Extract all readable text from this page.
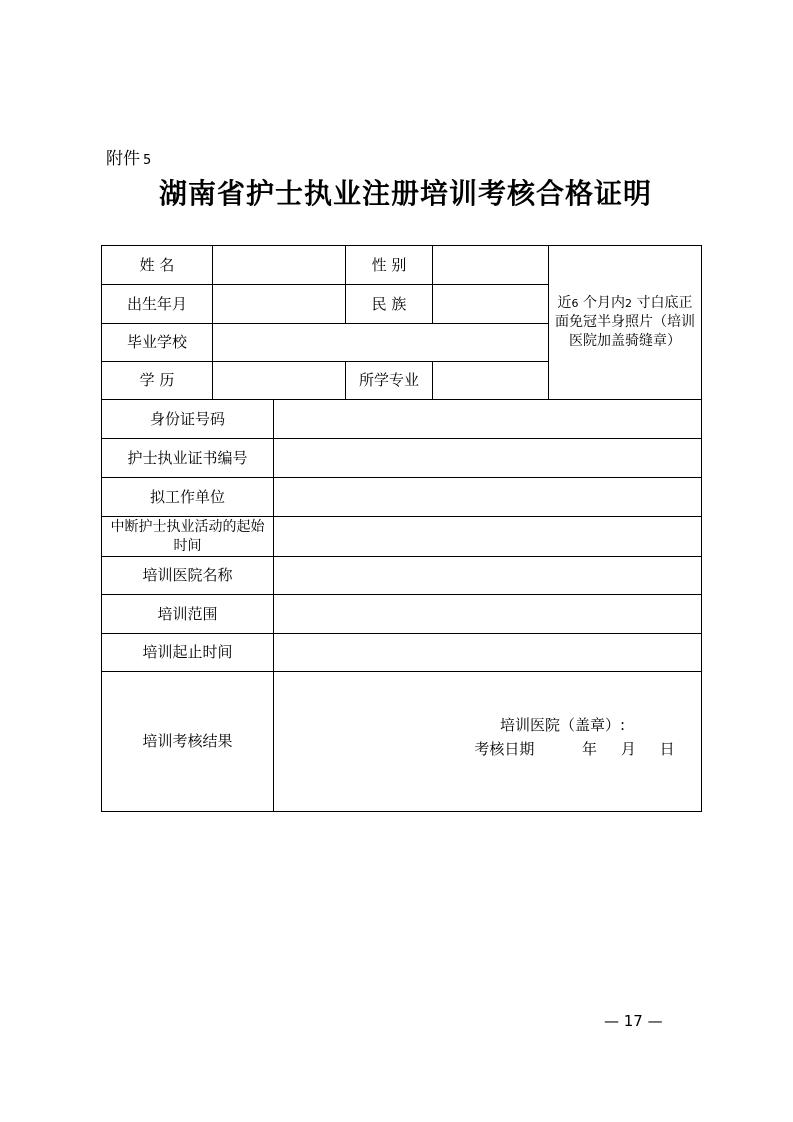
附件 5
湖南省护士执业注册培训考核合格证明
姓 名			性 别		近6 个月内2 寸白底正面免冠半身照片（培训医院加盖骑缝章）
出生年月			民 族		
毕业学校					
学 历			所学专业		
身份证号码					
护士执业证书编号					
拟工作单位					
中断护士执业活动的起始时间					
培训医院名称					
培训范围					
培训起止时间					
培训考核结果		培训医院（盖章）:
考核日期          年     月     日			
— 17 —
